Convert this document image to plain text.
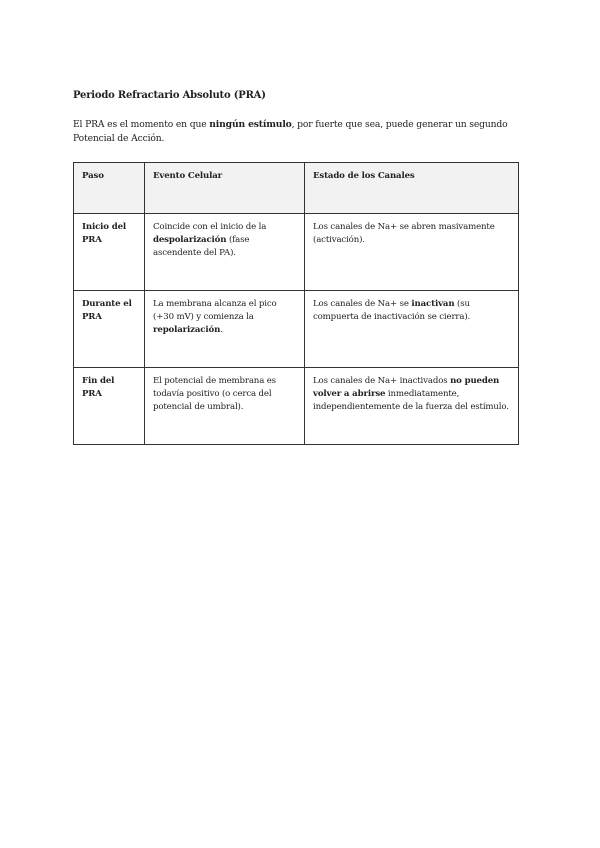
Periodo Refractario Absoluto (PRA)

El PRA es el momento en que ningún estímulo, por fuerte que sea, puede generar un segundo Potencial de Acción.

Paso	Evento Celular	Estado de los Canales
Inicio del PRA	Coincide con el inicio de la despolarización (fase ascendente del PA).	Los canales de Na+ se abren masivamente (activación).
Durante el PRA	La membrana alcanza el pico (+30 mV) y comienza la repolarización.	Los canales de Na+ se inactivan (su compuerta de inactivación se cierra).
Fin del PRA	El potencial de membrana es todavía positivo (o cerca del potencial de umbral).	Los canales de Na+ inactivados no pueden volver a abrirse inmediatamente, independientemente de la fuerza del estímulo.
